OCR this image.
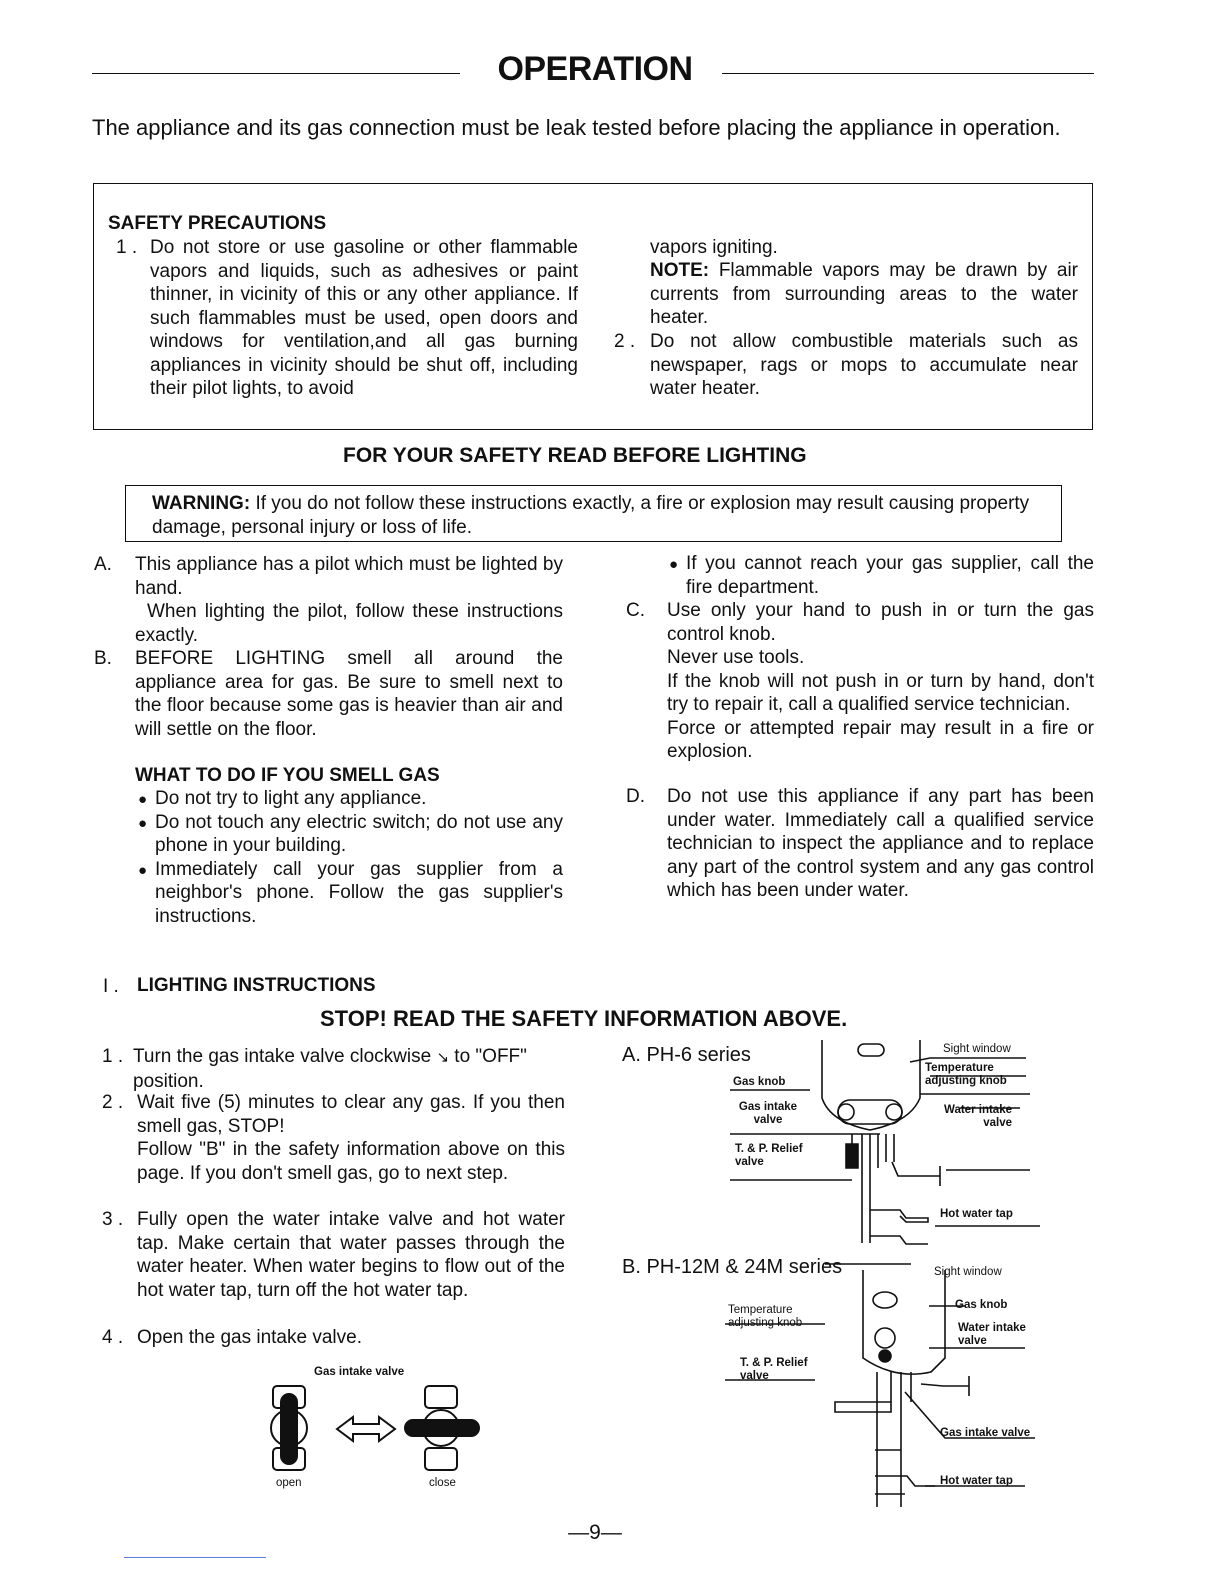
OPERATION
The appliance and its gas connection must be leak tested before placing the appliance in operation.
SAFETY PRECAUTIONS
1 . Do not store or use gasoline or other flammable vapors and liquids, such as adhesives or paint thinner, in vicinity of this or any other appliance. If such flammables must be used, open doors and windows for ventilation,and all gas burning appliances in vicinity should be shut off, including their pilot lights, to avoid
vapors igniting.
NOTE: Flammable vapors may be drawn by air currents from surrounding areas to the water heater.
2 . Do not allow combustible materials such as newspaper, rags or mops to accumulate near water heater.
FOR YOUR SAFETY READ BEFORE LIGHTING
WARNING: If you do not follow these instructions exactly, a fire or explosion may result causing property damage, personal injury or loss of life.
A. This appliance has a pilot which must be lighted by hand.
When lighting the pilot, follow these instructions exactly.
B. BEFORE LIGHTING smell all around the appliance area for gas. Be sure to smell next to the floor because some gas is heavier than air and will settle on the floor.
WHAT TO DO IF YOU SMELL GAS
● Do not try to light any appliance.
● Do not touch any electric switch; do not use any phone in your building.
● Immediately call your gas supplier from a neighbor's phone. Follow the gas supplier's instructions.
● If you cannot reach your gas supplier, call the fire department.
C. Use only your hand to push in or turn the gas control knob.
Never use tools.
If the knob will not push in or turn by hand, don't try to repair it, call a qualified service technician.
Force or attempted repair may result in a fire or explosion.
D. Do not use this appliance if any part has been under water. Immediately call a qualified service technician to inspect the appliance and to replace any part of the control system and any gas control which has been under water.
I . LIGHTING INSTRUCTIONS
STOP! READ THE SAFETY INFORMATION ABOVE.
1 . Turn the gas intake valve clockwise ↘ to "OFF" position.
2 . Wait five (5) minutes to clear any gas. If you then smell gas, STOP!
Follow "B" in the safety information above on this page. If you don't smell gas, go to next step.
3 . Fully open the water intake valve and hot water tap. Make certain that water passes through the water heater. When water begins to flow out of the hot water tap, turn off the hot water tap.
4 . Open the gas intake valve.
Gas intake valve
open	close
A. PH-6 series	Sight window
Temperature adjusting knob
Gas knob
Gas intake valve
Water intake valve
T. & P. Relief valve
Hot water tap
B. PH-12M & 24M series	Sight window
Gas knob
Temperature adjusting knob	Water intake valve
T. & P. Relief valve
Gas intake valve
Hot water tap
—9—
